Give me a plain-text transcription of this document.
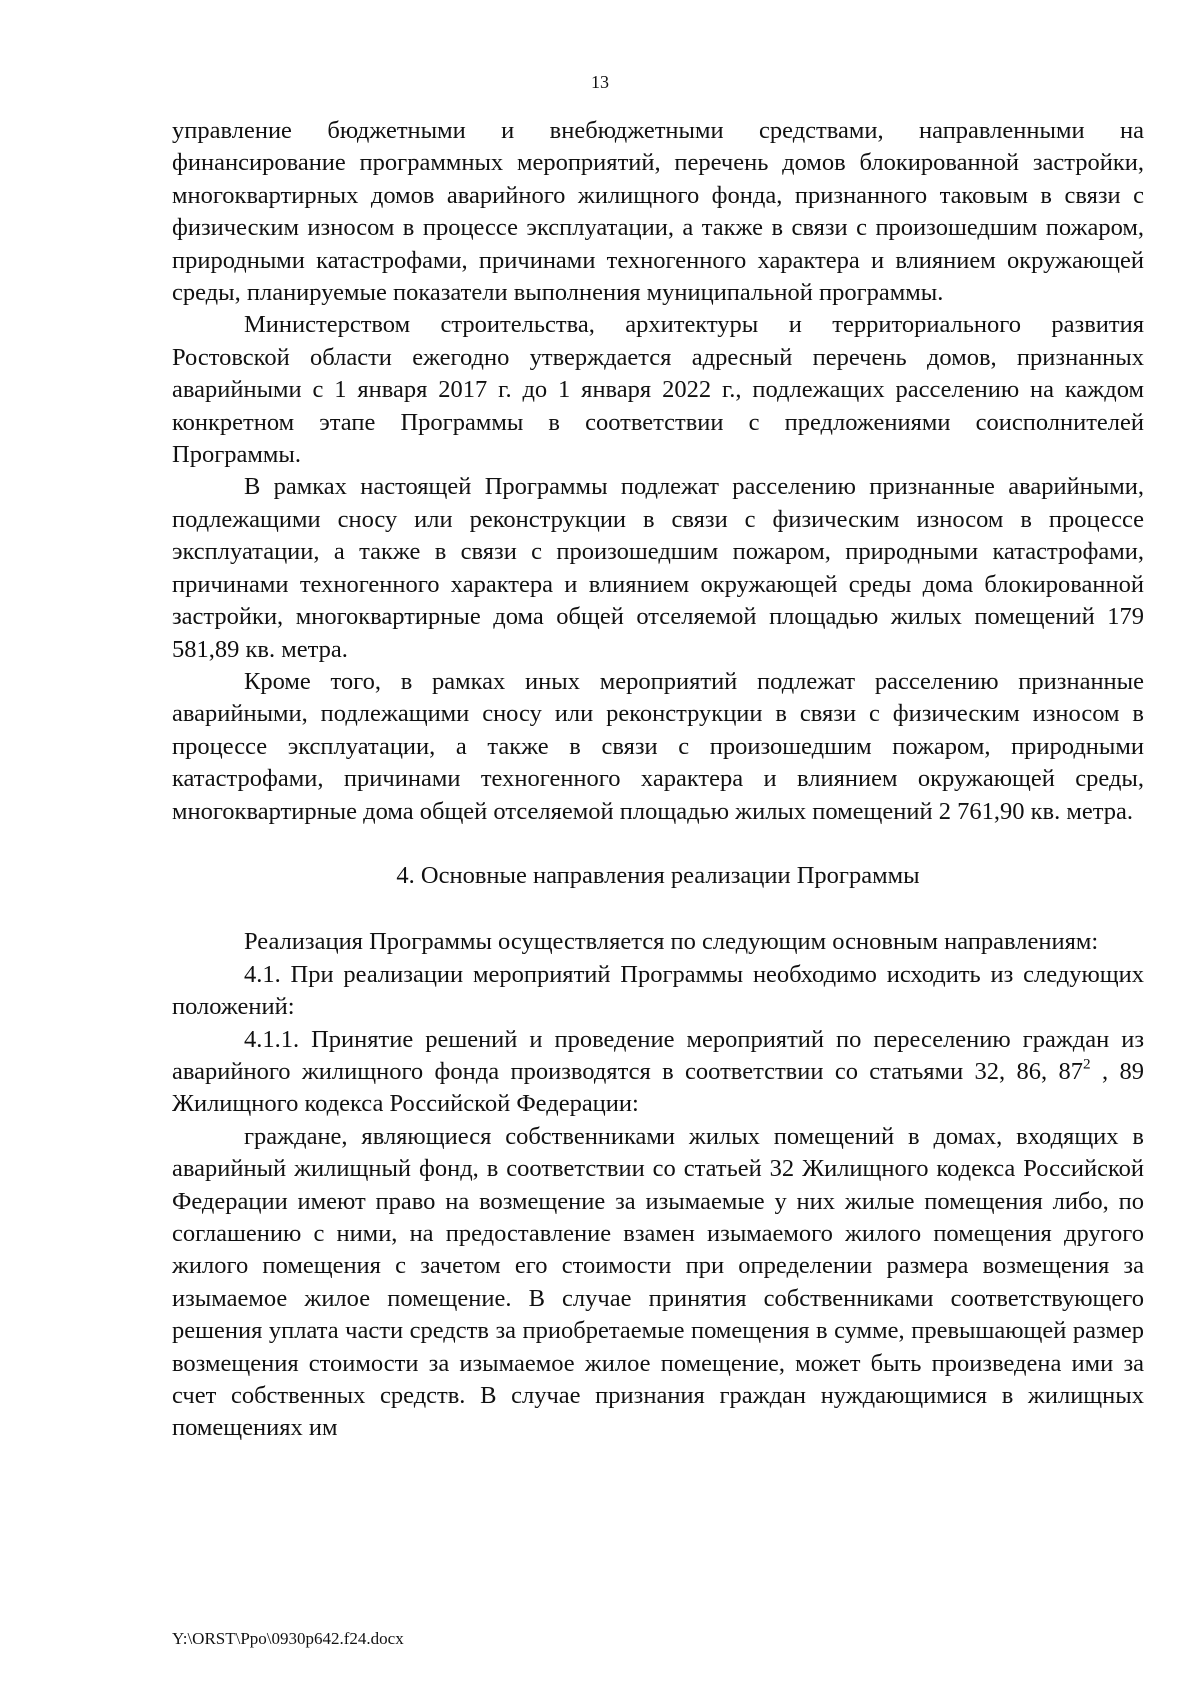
13

управление бюджетными и внебюджетными средствами, направленными на финансирование программных мероприятий, перечень домов блокированной застройки, многоквартирных домов аварийного жилищного фонда, признанного таковым в связи с физическим износом в процессе эксплуатации, а также в связи с произошедшим пожаром, природными катастрофами, причинами техногенного характера и влиянием окружающей среды, планируемые показатели выполнения муниципальной программы.

Министерством строительства, архитектуры и территориального развития Ростовской области ежегодно утверждается адресный перечень домов, признанных аварийными с 1 января 2017 г. до 1 января 2022 г., подлежащих расселению на каждом конкретном этапе Программы в соответствии с предложениями соисполнителей Программы.

В рамках настоящей Программы подлежат расселению признанные аварийными, подлежащими сносу или реконструкции в связи с физическим износом в процессе эксплуатации, а также в связи с произошедшим пожаром, природными катастрофами, причинами техногенного характера и влиянием окружающей среды дома блокированной застройки, многоквартирные дома общей отселяемой площадью жилых помещений 179 581,89 кв. метра.

Кроме того, в рамках иных мероприятий подлежат расселению признанные аварийными, подлежащими сносу или реконструкции в связи с физическим износом в процессе эксплуатации, а также в связи с произошедшим пожаром, природными катастрофами, причинами техногенного характера и влиянием окружающей среды, многоквартирные дома общей отселяемой площадью жилых помещений 2 761,90 кв. метра.

4. Основные направления реализации Программы

Реализация Программы осуществляется по следующим основным направлениям:

4.1. При реализации мероприятий Программы необходимо исходить из следующих положений:

4.1.1. Принятие решений и проведение мероприятий по переселению граждан из аварийного жилищного фонда производятся в соответствии со статьями 32, 86, $87^2$ , 89 Жилищного кодекса Российской Федерации:

граждане, являющиеся собственниками жилых помещений в домах, входящих в аварийный жилищный фонд, в соответствии со статьей 32 Жилищного кодекса Российской Федерации имеют право на возмещение за изымаемые у них жилые помещения либо, по соглашению с ними, на предоставление взамен изымаемого жилого помещения другого жилого помещения с зачетом его стоимости при определении размера возмещения за изымаемое жилое помещение. В случае принятия собственниками соответствующего решения уплата части средств за приобретаемые помещения в сумме, превышающей размер возмещения стоимости за изымаемое жилое помещение, может быть произведена ими за счет собственных средств. В случае признания граждан нуждающимися в жилищных помещениях им

Y:\ORST\Ppo\0930p642.f24.docx
